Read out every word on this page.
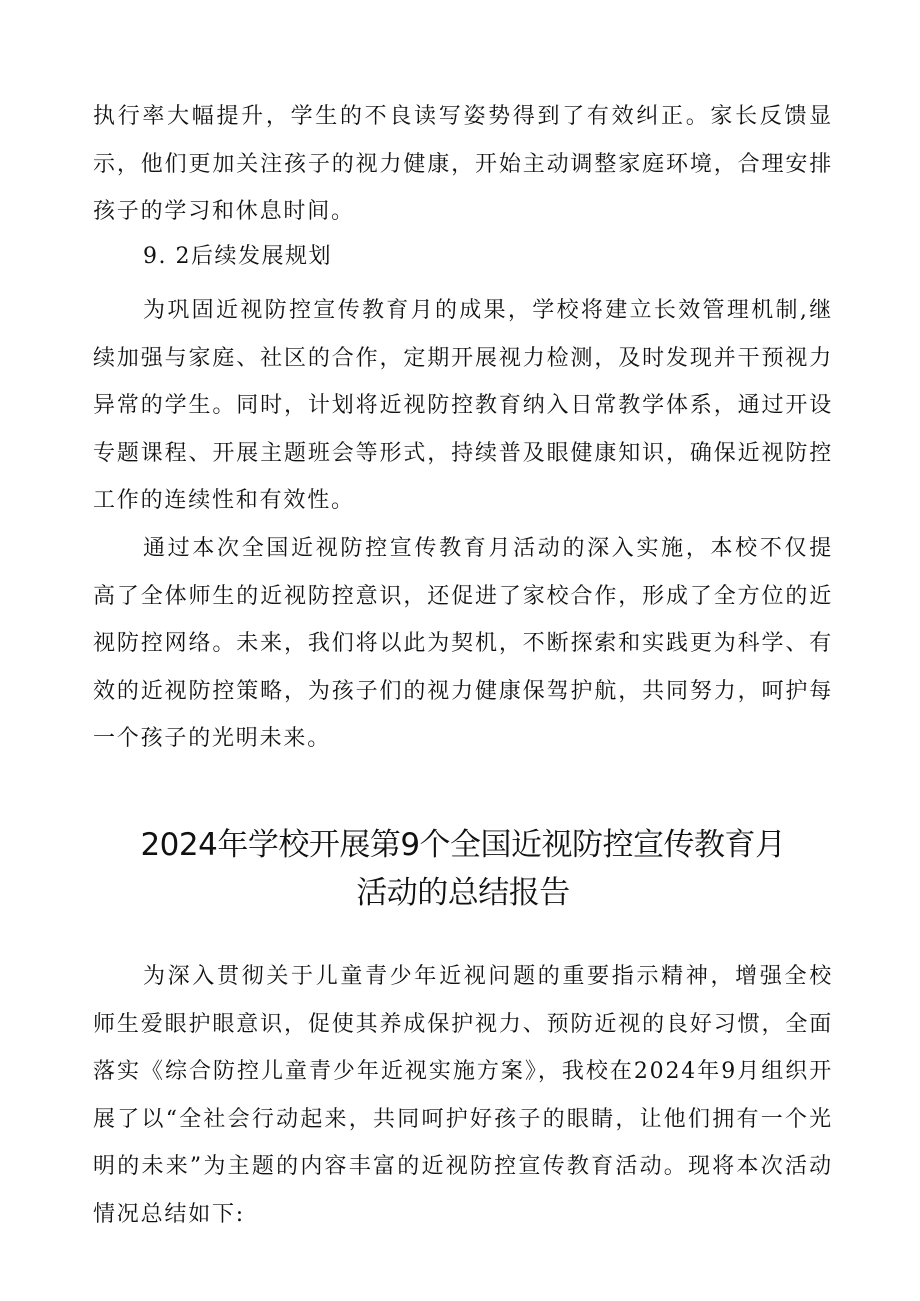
执行率大幅提升，学生的不良读写姿势得到了有效纠正。家长反馈显示，他们更加关注孩子的视力健康，开始主动调整家庭环境，合理安排孩子的学习和休息时间。

9. 2后续发展规划

为巩固近视防控宣传教育月的成果，学校将建立长效管理机制,继续加强与家庭、社区的合作，定期开展视力检测，及时发现并干预视力异常的学生。同时，计划将近视防控教育纳入日常教学体系，通过开设专题课程、开展主题班会等形式，持续普及眼健康知识，确保近视防控工作的连续性和有效性。

通过本次全国近视防控宣传教育月活动的深入实施，本校不仅提高了全体师生的近视防控意识，还促进了家校合作，形成了全方位的近视防控网络。未来，我们将以此为契机，不断探索和实践更为科学、有效的近视防控策略，为孩子们的视力健康保驾护航，共同努力，呵护每一个孩子的光明未来。

2024年学校开展第9个全国近视防控宣传教育月
活动的总结报告

为深入贯彻关于儿童青少年近视问题的重要指示精神，增强全校师生爱眼护眼意识，促使其养成保护视力、预防近视的良好习惯，全面落实《综合防控儿童青少年近视实施方案》，我校在2024年9月组织开展了以“全社会行动起来，共同呵护好孩子的眼睛，让他们拥有一个光明的未来”为主题的内容丰富的近视防控宣传教育活动。现将本次活动情况总结如下:
